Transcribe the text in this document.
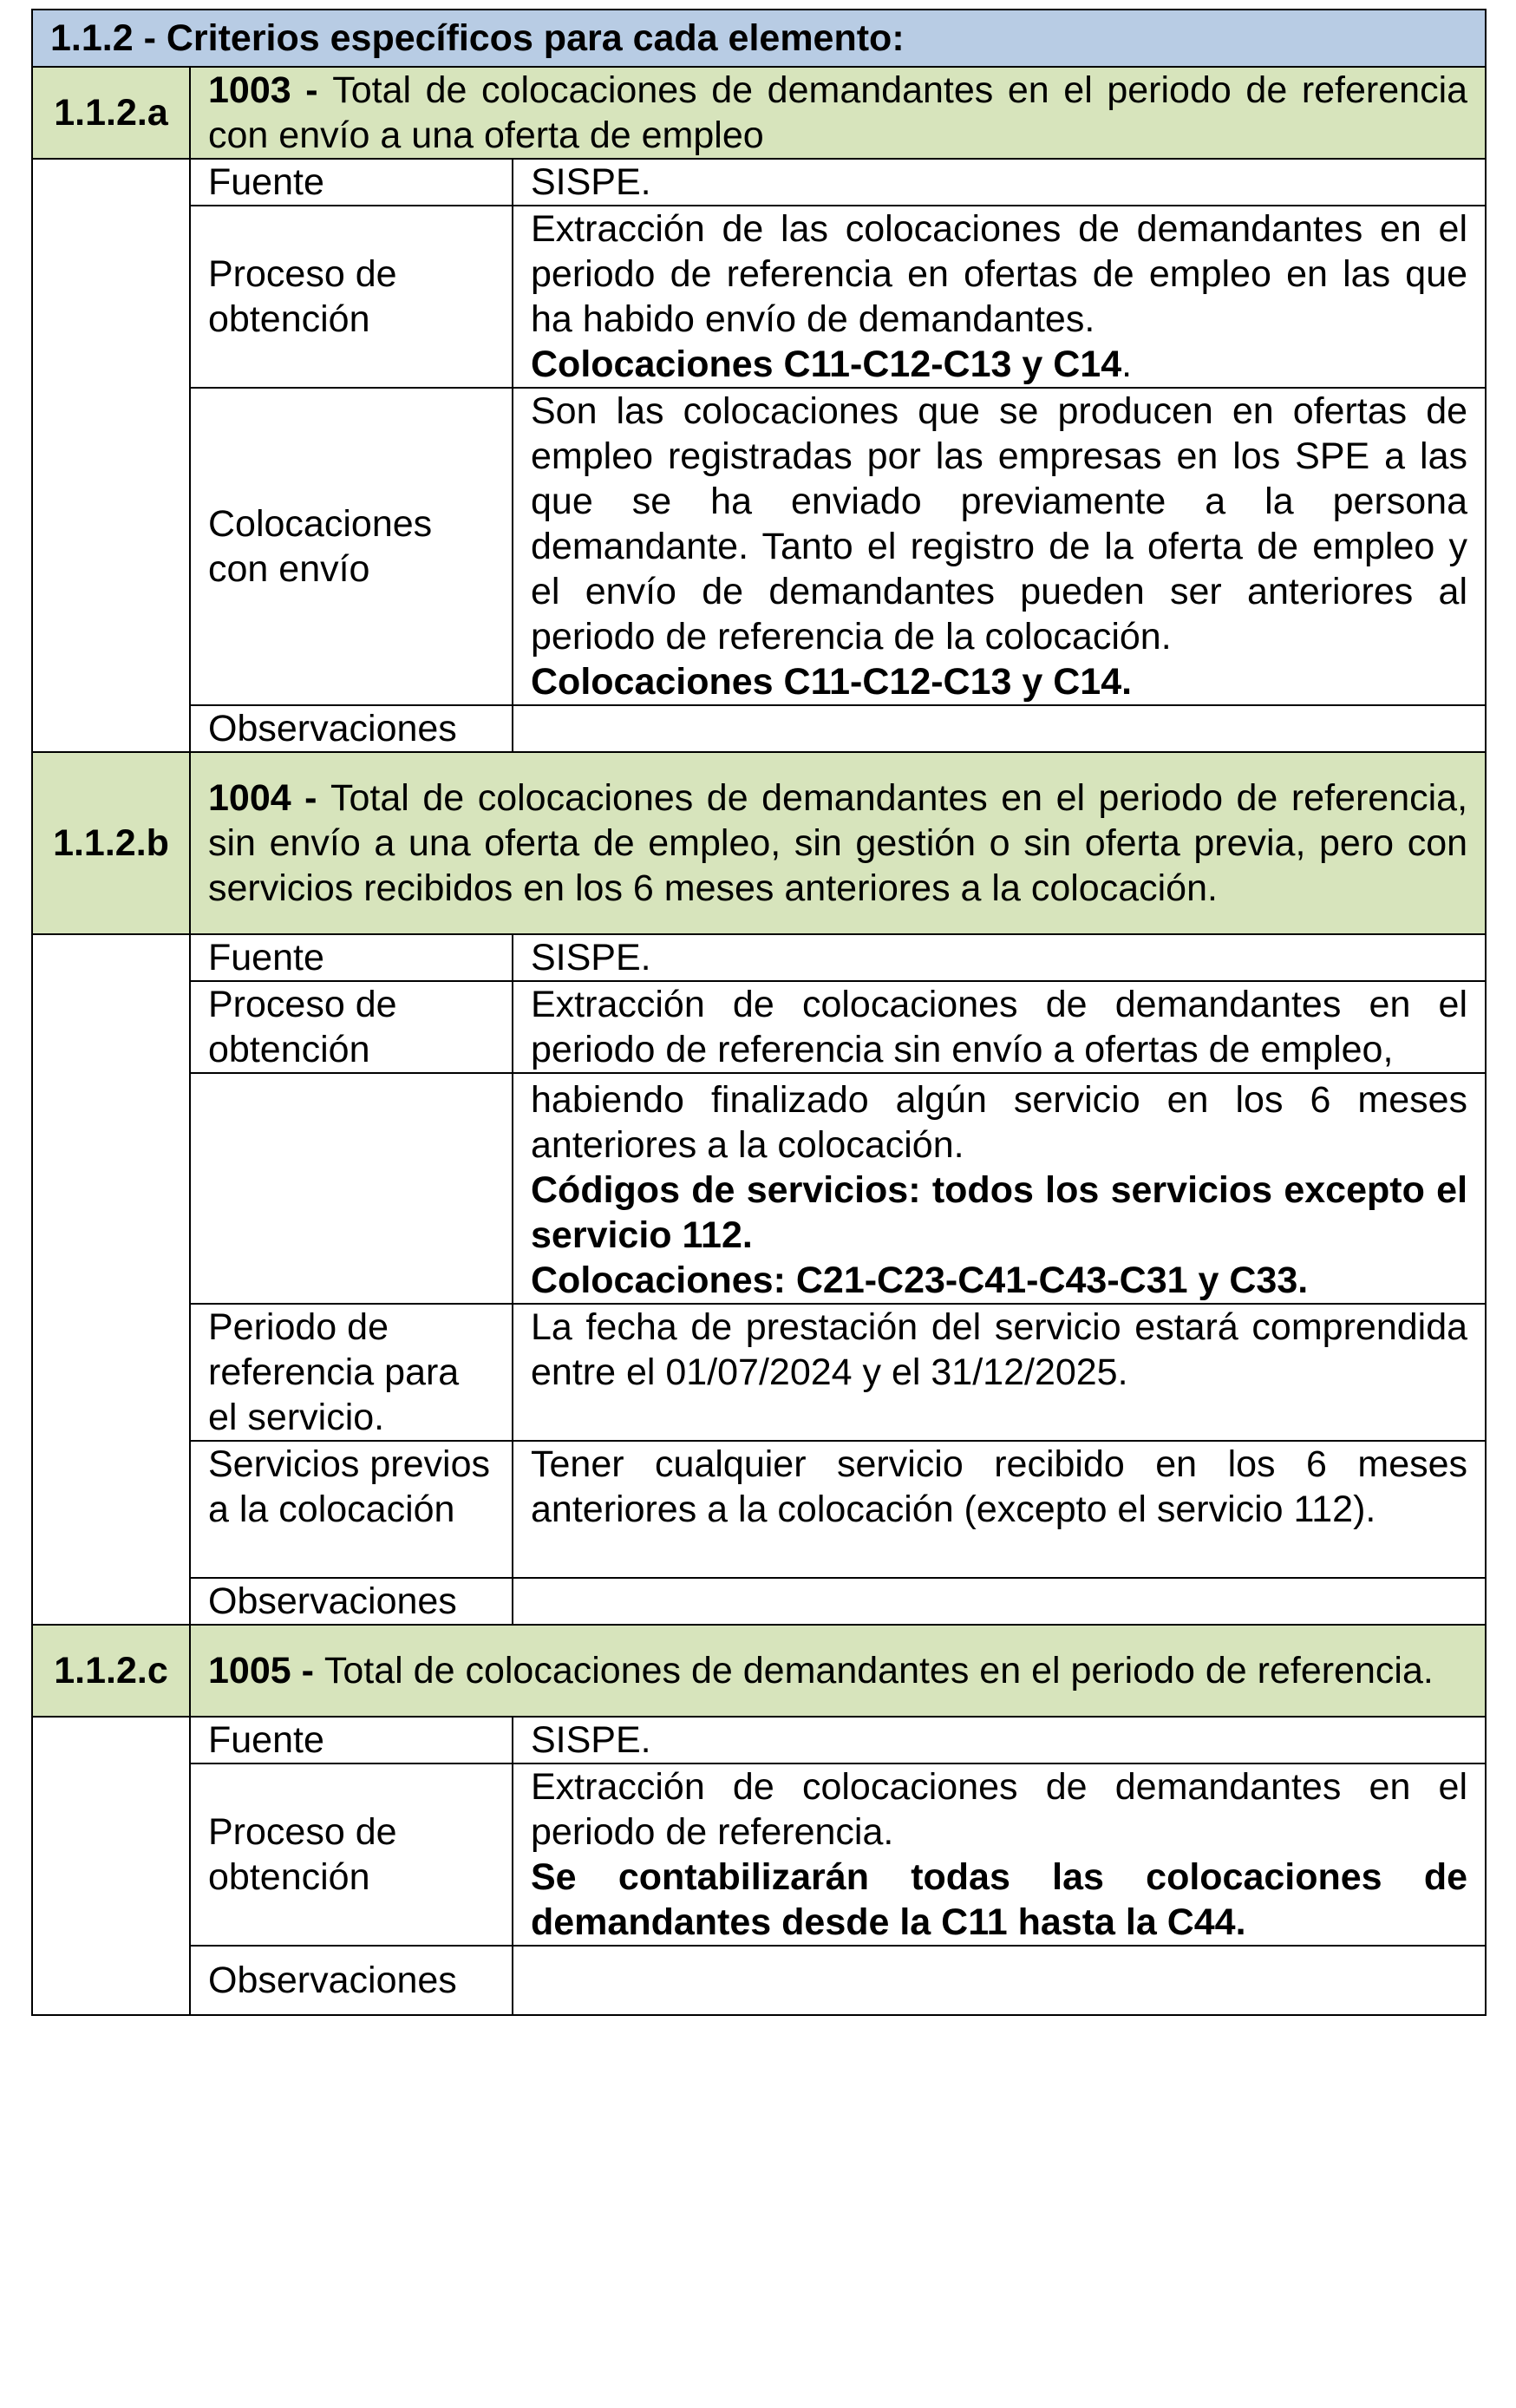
1.1.2 - Criterios específicos para cada elemento:		
1.1.2.a	1003 - Total de colocaciones de demandantes en el periodo de referencia con envío a una oferta de empleo	
	Fuente	SISPE.
	Proceso de obtención	Extracción de las colocaciones de demandantes en el periodo de referencia en ofertas de empleo en las que ha habido envío de demandantes.
Colocaciones C11-C12-C13 y C14.
	Colocaciones con envío	Son las colocaciones que se producen en ofertas de empleo registradas por las empresas en los SPE a las que se ha enviado previamente a la persona demandante. Tanto el registro de la oferta de empleo y el envío de demandantes pueden ser anteriores al periodo de referencia de la colocación.
Colocaciones C11-C12-C13 y C14.
	Observaciones	
1.1.2.b	1004 - Total de colocaciones de demandantes en el periodo de referencia, sin envío a una oferta de empleo, sin gestión o sin oferta previa, pero con servicios recibidos en los 6 meses anteriores a la colocación.	
	Fuente	SISPE.
	Proceso de obtención	Extracción de colocaciones de demandantes en el periodo de referencia sin envío a ofertas de empleo,
		habiendo finalizado algún servicio en los 6 meses anteriores a la colocación.
Códigos de servicios: todos los servicios excepto el servicio 112.
Colocaciones: C21-C23-C41-C43-C31 y C33.
	Periodo de referencia para el servicio.	La fecha de prestación del servicio estará comprendida entre el 01/07/2024 y el 31/12/2025.
	Servicios previos a la colocación	Tener cualquier servicio recibido en los 6 meses anteriores a la colocación (excepto el servicio 112).
	Observaciones	
1.1.2.c	1005 - Total de colocaciones de demandantes en el periodo de referencia.	
	Fuente	SISPE.
	Proceso de obtención	Extracción de colocaciones de demandantes en el periodo de referencia.
Se contabilizarán todas las colocaciones de demandantes desde la C11 hasta la C44.
	Observaciones	
